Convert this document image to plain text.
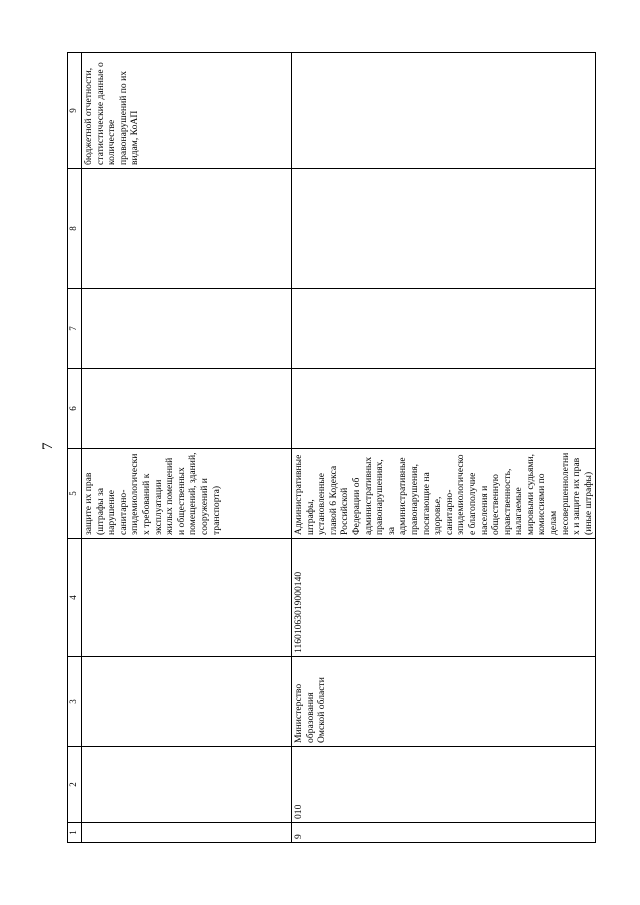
7
1	2	3	4	5	6	7	8	9
				защите их прав (штрафы за нарушение санитарно-эпидемиологических требований к эксплуатации жилых помещений и общественных помещений, зданий, сооружений и транспорта)				бюджетной отчетности, статистические данные о количестве правонарушений по их видам, КоАП
9	010	Министерство образования Омской области	11601063019000140	Административные штрафы, установленные главой 6 Кодекса Российской Федерации об административных правонарушениях, за административные правонарушения, посягающие на здоровье, санитарно-эпидемиологическое благополучие населения и общественную нравственность, налагаемые мировыми судьями, комиссиями по делам несовершеннолетних и защите их прав (иные штрафы)				
